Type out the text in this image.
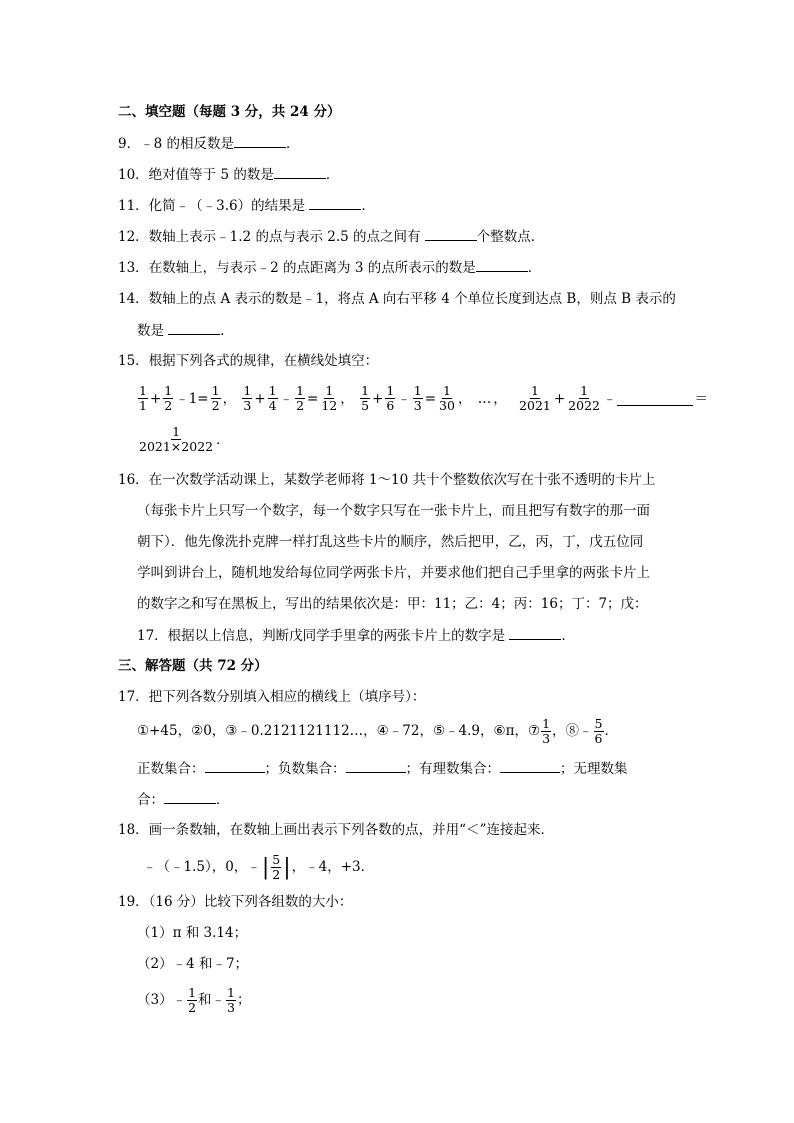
二、填空题（每题 3 分，共 24 分）
9．﹣8 的相反数是	．
10．绝对值等于 5 的数是	．
11．化简﹣（﹣3.6）的结果是	．
12．数轴上表示﹣1.2 的点与表示 2.5 的点之间有	个整数点．
13．在数轴上，与表示﹣2 的点距离为 3 的点所表示的数是	．
14．数轴上的点 A 表示的数是﹣1，将点 A 向右平移 4 个单位长度到达点 B，则点 B 表示的
数是	．
15．根据下列各式的规律，在横线处填空：
$\frac{1}{1} + \frac{1}{2}$ ﹣1= $\frac{1}{2}$ ， $\frac{1}{3} + \frac{1}{4}$ ﹣ $\frac{1}{2} = \frac{1}{12}$ ， $\frac{1}{5} + \frac{1}{6}$ ﹣ $\frac{1}{3} = \frac{1}{30}$ ， … ， $\frac{1}{2021} + \frac{1}{2022}$ ﹣	＝
$\frac{1}{2021\times 2022}$ ．
16．在一次数学活动课上，某数学老师将 1～10 共十个整数依次写在十张不透明的卡片上
（每张卡片上只写一个数字，每一个数字只写在一张卡片上，而且把写有数字的那一面
朝下）．他先像洗扑克牌一样打乱这些卡片的顺序，然后把甲，乙，丙，丁，戊五位同
学叫到讲台上，随机地发给每位同学两张卡片，并要求他们把自己手里拿的两张卡片上
的数字之和写在黑板上，写出的结果依次是：甲：11；乙：4；丙：16；丁：7；戊：
17．根据以上信息，判断戊同学手里拿的两张卡片上的数字是	．
三、解答题（共 72 分）
17．把下列各数分别填入相应的横线上（填序号）：
①+45，②0，③﹣0.2121121112…，④﹣72，⑤﹣4.9，⑥π，⑦ $\frac{1}{3}$ ，⑧﹣ $\frac{5}{6}$ ．
正数集合：	；负数集合：	；有理数集合：	；无理数集
合：	．
18．画一条数轴，在数轴上画出表示下列各数的点，并用“＜”连接起来．
﹣（﹣1.5），0，﹣| $\frac{5}{2}$ |，﹣4，+3．
19．（16 分）比较下列各组数的大小：
（1）π 和 3.14；
（2）﹣4 和﹣7；
（3）﹣ $\frac{1}{2}$ 和﹣ $\frac{1}{3}$ ；
